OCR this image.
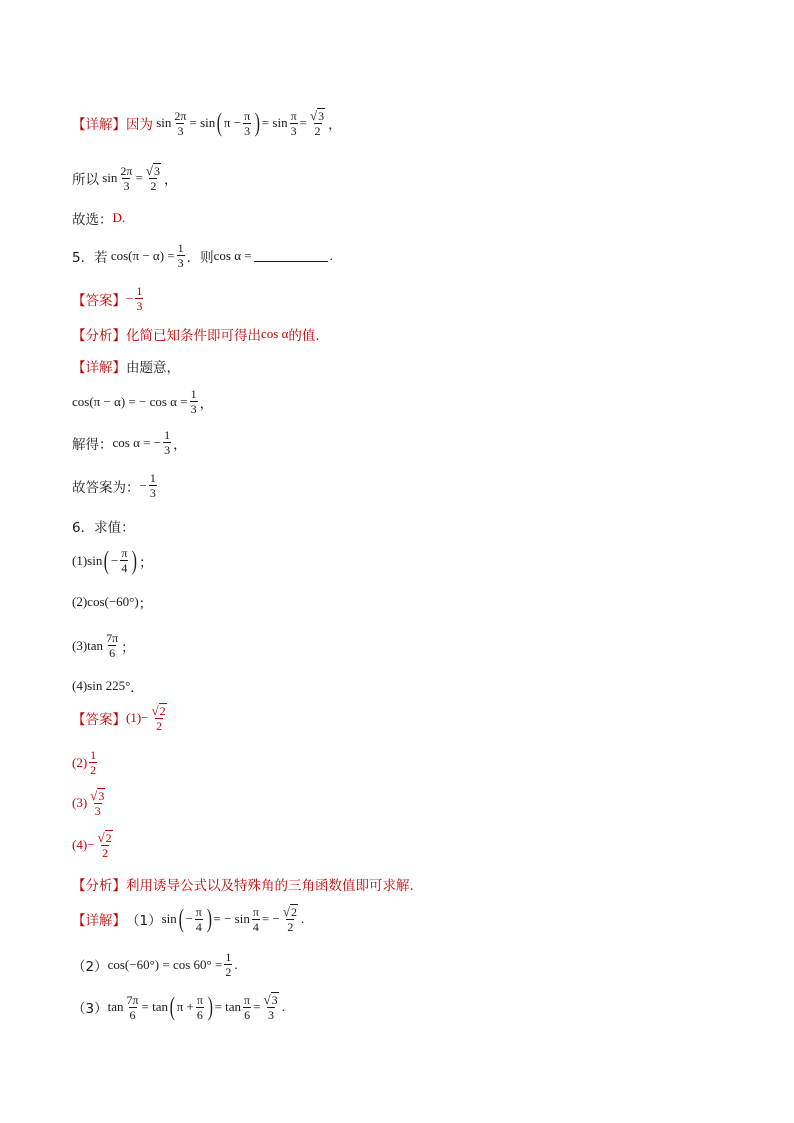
【详解】 因为 $\sin \frac{2\pi}{3} = \sin$ ( $\pi - \frac{\pi}{3}$ ) = $\sin \frac{\pi}{3} = \frac{√ 3}{2}$ ，
所以 $\sin \frac{2\pi}{3} = \frac{√ 3}{2}$ ，
故选： D.
5．若 $\cos(\pi - \alpha) = \frac{1}{3}$ ．则 cos α =	.
【答案】 − $\frac{1}{3}$
【分析】 化简已知条件即可得出 cos α 的值.
【详解】 由题意，
cos(π − α) = − $\cos \alpha = \frac{1}{3}$ ，
解得： cos α = − $\frac{1}{3}$ ，
故答案为： − $\frac{1}{3}$
6．求值：
(1) sin ( − $\frac{\pi}{4}$ ) ；
(2) cos(−60°) ；
(3) $\tan \frac{7\pi}{6}$ ；
(4) sin 225° ．
【答案】 $(1) - \frac{√ 2}{2}$
$(2) \frac{1}{2}$
$(3) \frac{√ 3}{3}$
$(4) - \frac{√ 2}{2}$
【分析】 利用诱导公式以及特殊角的三角函数值即可求解.
【详解】 （1） sin ( − $\frac{\pi}{4}$ ) = − $\sin \frac{\pi}{4}$ = − $\frac{√ 2}{2}$ .
（2） $\cos(-60^\circ) = \cos 60^\circ = \frac{1}{2}$ .
（3） $\tan \frac{7\pi}{6} = \tan$ ( $\pi + \frac{\pi}{6}$ ) = $\tan \frac{\pi}{6} = \frac{√ 3}{3}$ .
